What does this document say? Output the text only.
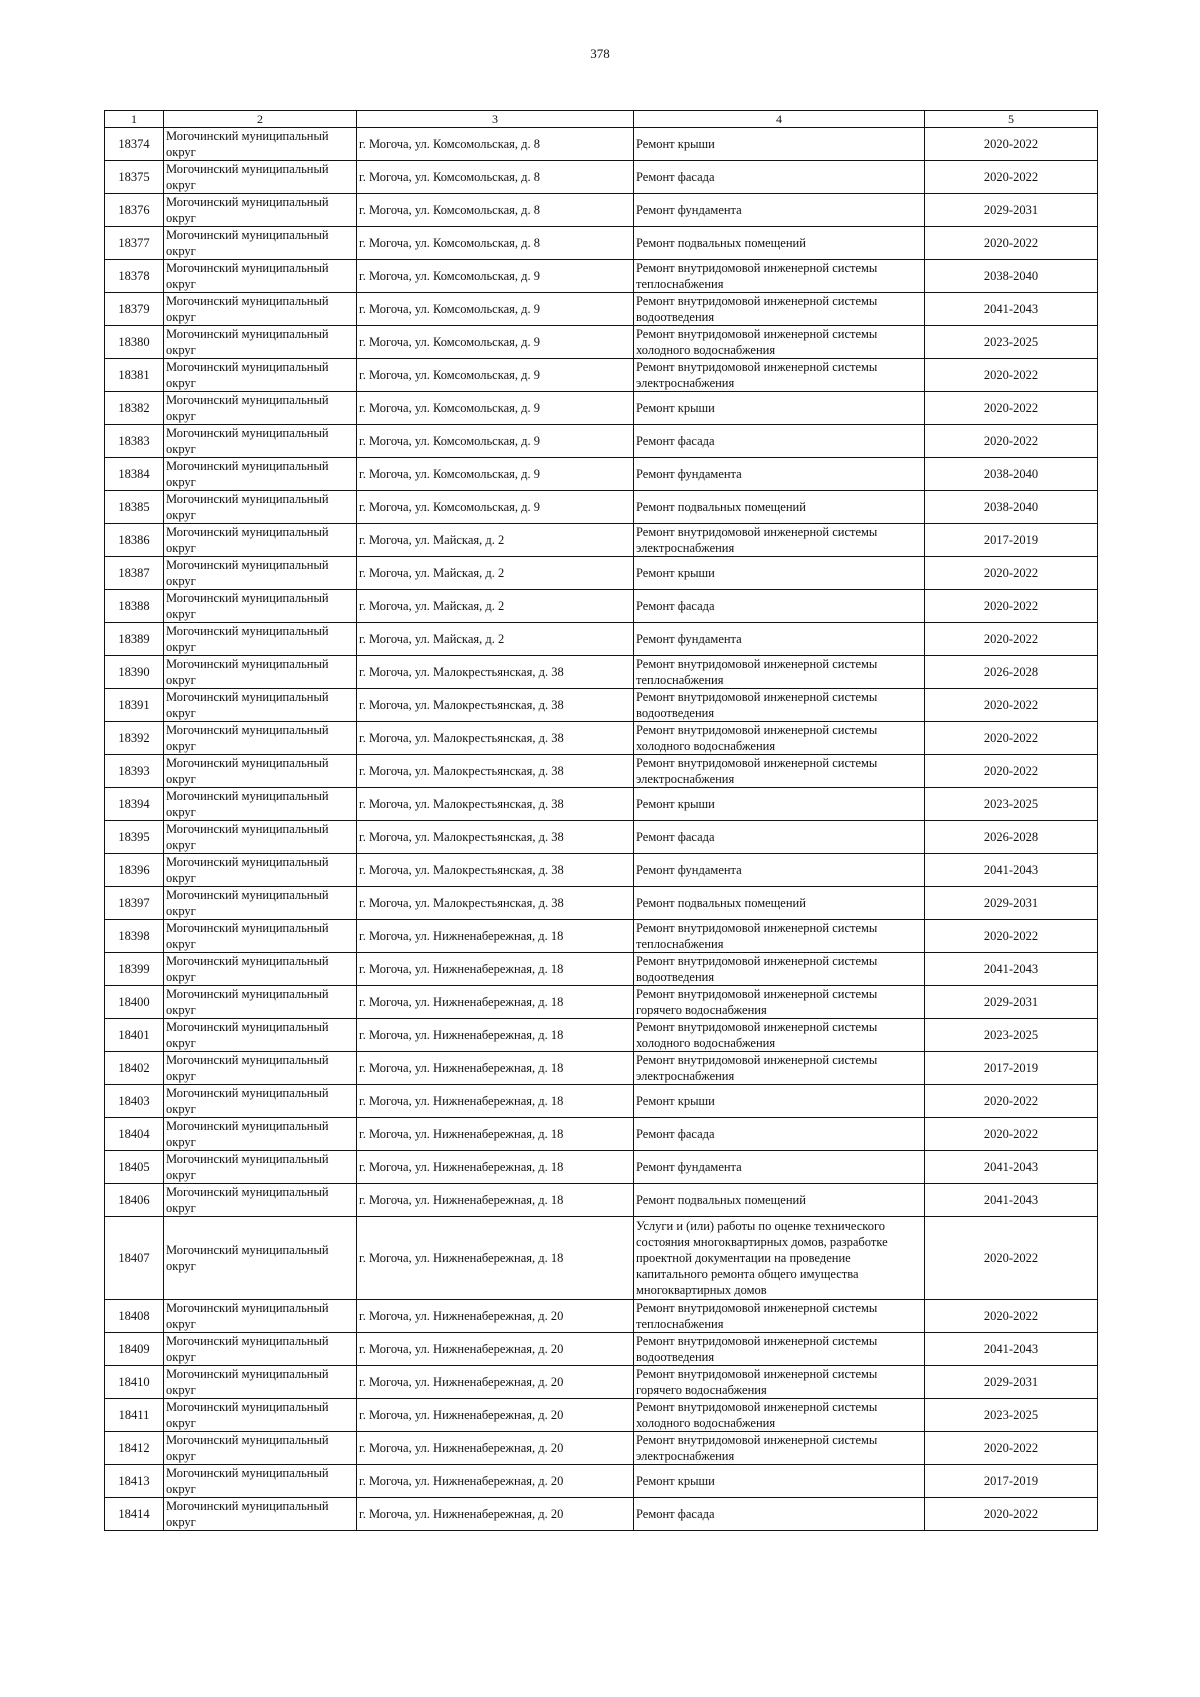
378
1	2	3	4	5
18374	Могочинский муниципальный округ	г. Могоча, ул. Комсомольская, д. 8	Ремонт крыши	2020-2022
18375	Могочинский муниципальный округ	г. Могоча, ул. Комсомольская, д. 8	Ремонт фасада	2020-2022
18376	Могочинский муниципальный округ	г. Могоча, ул. Комсомольская, д. 8	Ремонт фундамента	2029-2031
18377	Могочинский муниципальный округ	г. Могоча, ул. Комсомольская, д. 8	Ремонт подвальных помещений	2020-2022
18378	Могочинский муниципальный округ	г. Могоча, ул. Комсомольская, д. 9	Ремонт внутридомовой инженерной системы теплоснабжения	2038-2040
18379	Могочинский муниципальный округ	г. Могоча, ул. Комсомольская, д. 9	Ремонт внутридомовой инженерной системы водоотведения	2041-2043
18380	Могочинский муниципальный округ	г. Могоча, ул. Комсомольская, д. 9	Ремонт внутридомовой инженерной системы холодного водоснабжения	2023-2025
18381	Могочинский муниципальный округ	г. Могоча, ул. Комсомольская, д. 9	Ремонт внутридомовой инженерной системы электроснабжения	2020-2022
18382	Могочинский муниципальный округ	г. Могоча, ул. Комсомольская, д. 9	Ремонт крыши	2020-2022
18383	Могочинский муниципальный округ	г. Могоча, ул. Комсомольская, д. 9	Ремонт фасада	2020-2022
18384	Могочинский муниципальный округ	г. Могоча, ул. Комсомольская, д. 9	Ремонт фундамента	2038-2040
18385	Могочинский муниципальный округ	г. Могоча, ул. Комсомольская, д. 9	Ремонт подвальных помещений	2038-2040
18386	Могочинский муниципальный округ	г. Могоча, ул. Майская, д. 2	Ремонт внутридомовой инженерной системы электроснабжения	2017-2019
18387	Могочинский муниципальный округ	г. Могоча, ул. Майская, д. 2	Ремонт крыши	2020-2022
18388	Могочинский муниципальный округ	г. Могоча, ул. Майская, д. 2	Ремонт фасада	2020-2022
18389	Могочинский муниципальный округ	г. Могоча, ул. Майская, д. 2	Ремонт фундамента	2020-2022
18390	Могочинский муниципальный округ	г. Могоча, ул. Малокрестьянская, д. 38	Ремонт внутридомовой инженерной системы теплоснабжения	2026-2028
18391	Могочинский муниципальный округ	г. Могоча, ул. Малокрестьянская, д. 38	Ремонт внутридомовой инженерной системы водоотведения	2020-2022
18392	Могочинский муниципальный округ	г. Могоча, ул. Малокрестьянская, д. 38	Ремонт внутридомовой инженерной системы холодного водоснабжения	2020-2022
18393	Могочинский муниципальный округ	г. Могоча, ул. Малокрестьянская, д. 38	Ремонт внутридомовой инженерной системы электроснабжения	2020-2022
18394	Могочинский муниципальный округ	г. Могоча, ул. Малокрестьянская, д. 38	Ремонт крыши	2023-2025
18395	Могочинский муниципальный округ	г. Могоча, ул. Малокрестьянская, д. 38	Ремонт фасада	2026-2028
18396	Могочинский муниципальный округ	г. Могоча, ул. Малокрестьянская, д. 38	Ремонт фундамента	2041-2043
18397	Могочинский муниципальный округ	г. Могоча, ул. Малокрестьянская, д. 38	Ремонт подвальных помещений	2029-2031
18398	Могочинский муниципальный округ	г. Могоча, ул. Нижненабережная, д. 18	Ремонт внутридомовой инженерной системы теплоснабжения	2020-2022
18399	Могочинский муниципальный округ	г. Могоча, ул. Нижненабережная, д. 18	Ремонт внутридомовой инженерной системы водоотведения	2041-2043
18400	Могочинский муниципальный округ	г. Могоча, ул. Нижненабережная, д. 18	Ремонт внутридомовой инженерной системы горячего водоснабжения	2029-2031
18401	Могочинский муниципальный округ	г. Могоча, ул. Нижненабережная, д. 18	Ремонт внутридомовой инженерной системы холодного водоснабжения	2023-2025
18402	Могочинский муниципальный округ	г. Могоча, ул. Нижненабережная, д. 18	Ремонт внутридомовой инженерной системы электроснабжения	2017-2019
18403	Могочинский муниципальный округ	г. Могоча, ул. Нижненабережная, д. 18	Ремонт крыши	2020-2022
18404	Могочинский муниципальный округ	г. Могоча, ул. Нижненабережная, д. 18	Ремонт фасада	2020-2022
18405	Могочинский муниципальный округ	г. Могоча, ул. Нижненабережная, д. 18	Ремонт фундамента	2041-2043
18406	Могочинский муниципальный округ	г. Могоча, ул. Нижненабережная, д. 18	Ремонт подвальных помещений	2041-2043
18407	Могочинский муниципальный округ	г. Могоча, ул. Нижненабережная, д. 18	Услуги и (или) работы по оценке технического состояния многоквартирных домов, разработке проектной документации на проведение капитального ремонта общего имущества многоквартирных домов	2020-2022
18408	Могочинский муниципальный округ	г. Могоча, ул. Нижненабережная, д. 20	Ремонт внутридомовой инженерной системы теплоснабжения	2020-2022
18409	Могочинский муниципальный округ	г. Могоча, ул. Нижненабережная, д. 20	Ремонт внутридомовой инженерной системы водоотведения	2041-2043
18410	Могочинский муниципальный округ	г. Могоча, ул. Нижненабережная, д. 20	Ремонт внутридомовой инженерной системы горячего водоснабжения	2029-2031
18411	Могочинский муниципальный округ	г. Могоча, ул. Нижненабережная, д. 20	Ремонт внутридомовой инженерной системы холодного водоснабжения	2023-2025
18412	Могочинский муниципальный округ	г. Могоча, ул. Нижненабережная, д. 20	Ремонт внутридомовой инженерной системы электроснабжения	2020-2022
18413	Могочинский муниципальный округ	г. Могоча, ул. Нижненабережная, д. 20	Ремонт крыши	2017-2019
18414	Могочинский муниципальный округ	г. Могоча, ул. Нижненабережная, д. 20	Ремонт фасада	2020-2022
